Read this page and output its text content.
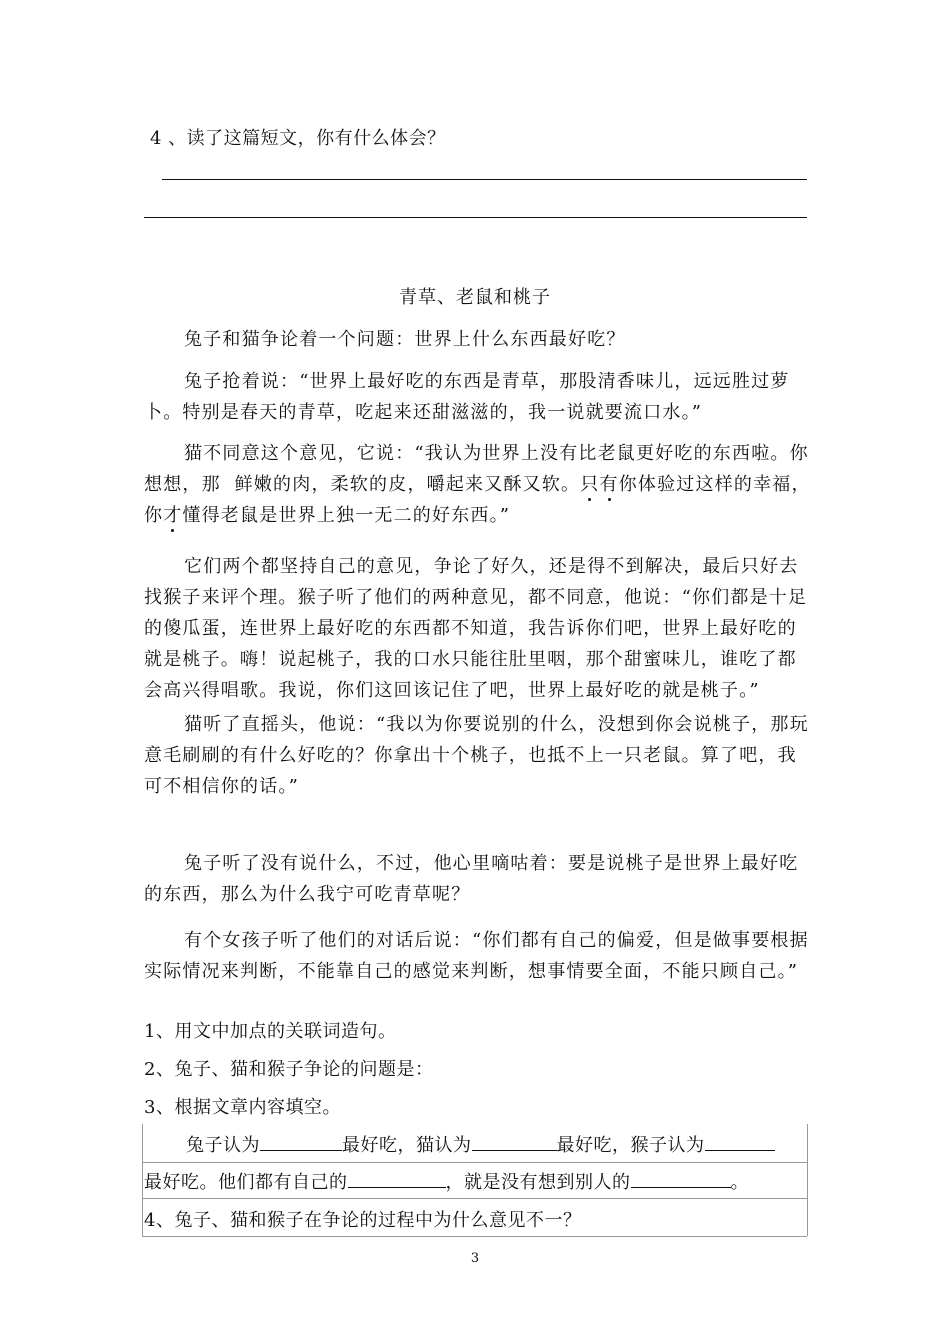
4 、读了这篇短文，你有什么体会？
青草、老鼠和桃子
兔子和猫争论着一个问题：世界上什么东西最好吃？
兔子抢着说：“世界上最好吃的东西是青草，那股清香味儿，远远胜过萝卜。特别是春天的青草，吃起来还甜滋滋的，我一说就要流口水。”
猫不同意这个意见，它说：“我认为世界上没有比老鼠更好吃的东西啦。你想想，那 鲜嫩的肉，柔软的皮，嚼起来又酥又软。只有你体验过这样的幸福，你才懂得老鼠是世界上独一无二的好东西。”
它们两个都坚持自己的意见，争论了好久，还是得不到解决，最后只好去找猴子来评个理。猴子听了他们的两种意见，都不同意，他说：“你们都是十足的傻瓜蛋，连世界上最好吃的东西都不知道，我告诉你们吧，世界上最好吃的就是桃子。嗨！说起桃子，我的口水只能往肚里咽，那个甜蜜味儿，谁吃了都会高兴得唱歌。我说，你们这回该记住了吧，世界上最好吃的就是桃子。”
猫听了直摇头，他说：“我以为你要说别的什么，没想到你会说桃子，那玩意毛刷刷的有什么好吃的？你拿出十个桃子，也抵不上一只老鼠。算了吧，我可不相信你的话。”
兔子听了没有说什么，不过，他心里嘀咕着：要是说桃子是世界上最好吃的东西，那么为什么我宁可吃青草呢？
有个女孩子听了他们的对话后说：“你们都有自己的偏爱，但是做事要根据实际情况来判断，不能靠自己的感觉来判断，想事情要全面，不能只顾自己。”
1、用文中加点的关联词造句。
2、兔子、猫和猴子争论的问题是：
3、根据文章内容填空。
兔子认为	最好吃，猫认为	最好吃，猴子认为
最好吃。他们都有自己的	，就是没有想到别人的	。
4、兔子、猫和猴子在争论的过程中为什么意见不一？
3
